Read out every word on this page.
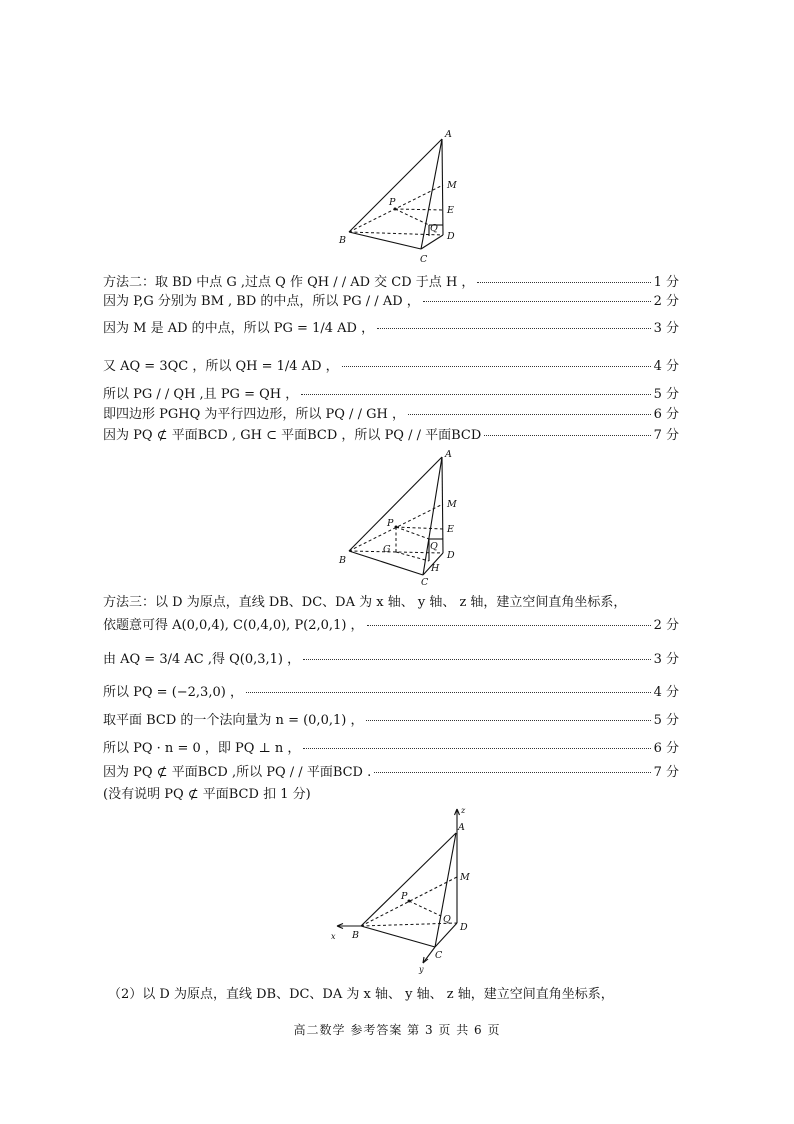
A
M
E
P
Q
D
B
C
方法二：取 BD 中点 G ,过点 Q 作 QH / / AD 交 CD 于点 H ，	1 分
因为 P,G 分别为 BM , BD 的中点，所以 PG / / AD ，	2 分
因为 M 是 AD 的中点，所以 PG = 1/4 AD ，	3 分
又 AQ = 3QC ，所以 QH = 1/4 AD ，	4 分
所以 PG / / QH ,且 PG = QH ，	5 分
即四边形 PGHQ 为平行四边形，所以 PQ / / GH ，	6 分
因为 PQ ⊄ 平面BCD , GH ⊂ 平面BCD ，所以 PQ / / 平面BCD	7 分
A
M
E
P
G	Q
D
H
B
C
方法三：以 D 为原点，直线 DB、DC、DA 为 x 轴、 y 轴、 z 轴，建立空间直角坐标系，
依题意可得 A(0,0,4), C(0,4,0), P(2,0,1) ，	2 分
由 AQ = 3/4 AC ,得 Q(0,3,1) ，	3 分
所以 PQ = (−2,3,0) ，	4 分
取平面 BCD 的一个法向量为 n = (0,0,1) ，	5 分
所以 PQ · n = 0 ，即 PQ ⊥ n ，	6 分
因为 PQ ⊄ 平面BCD ,所以 PQ / / 平面BCD .	7 分
(没有说明 PQ ⊄ 平面BCD 扣 1 分)
z
A
M
P
Q
D
x B
C
y
（2）以 D 为原点，直线 DB、DC、DA 为 x 轴、 y 轴、 z 轴，建立空间直角坐标系，
高二数学 参考答案 第 3 页 共 6 页
